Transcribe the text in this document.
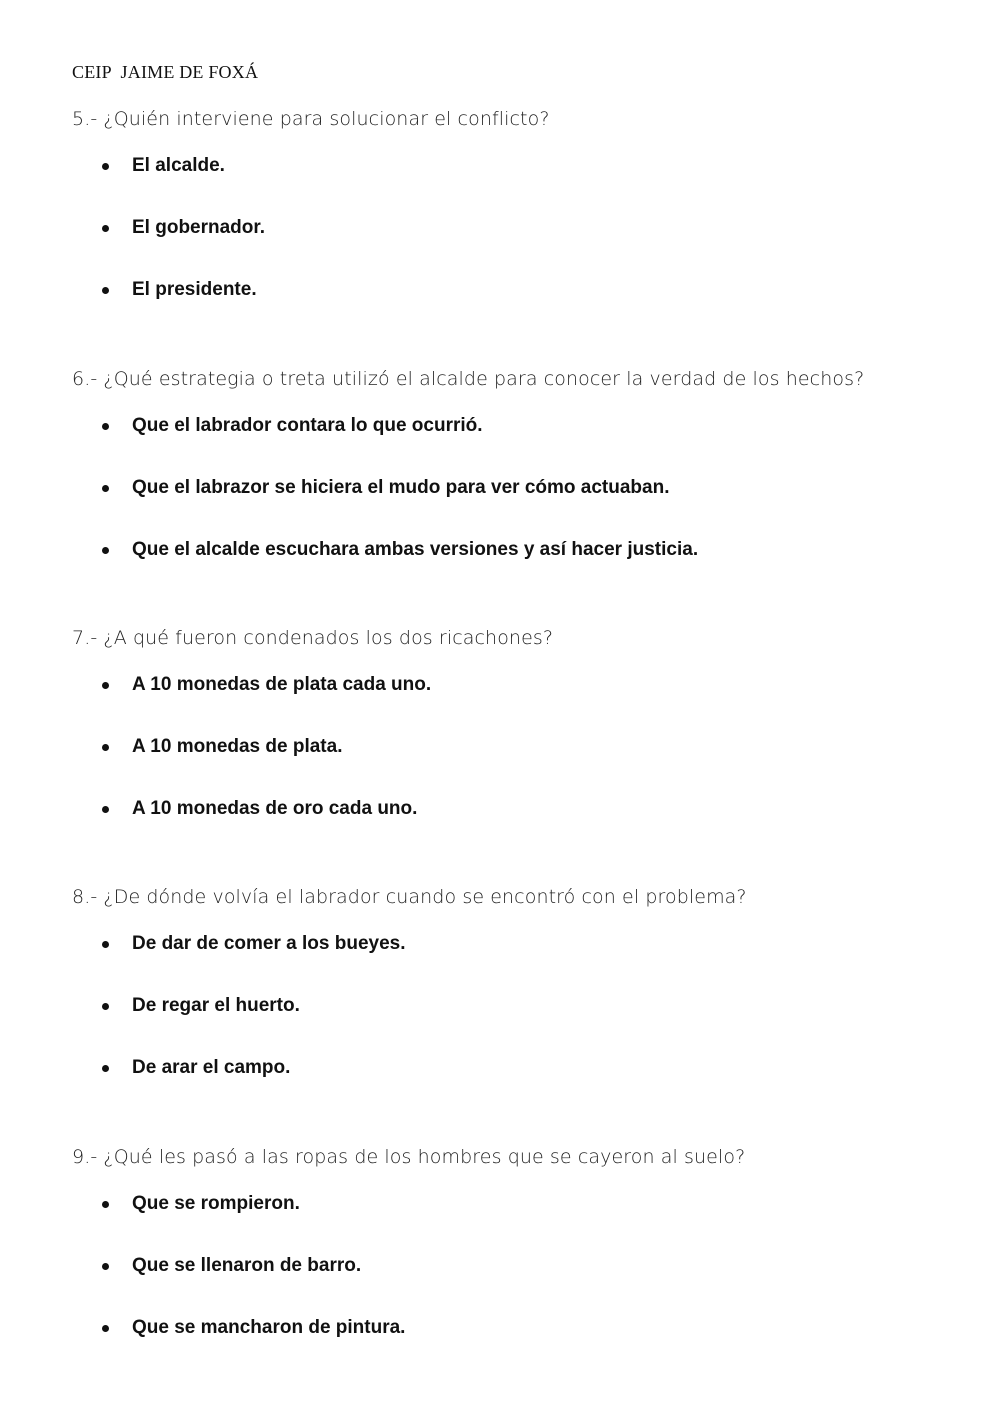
CEIP  JAIME DE FOXÁ
5.- ¿Quién interviene para solucionar el conflicto?
El alcalde.
El gobernador.
El presidente.
6.- ¿Qué estrategia o treta utilizó el alcalde para conocer la verdad de los hechos?
Que el labrador contara lo que ocurrió.
Que el labrazor se hiciera el mudo para ver cómo actuaban.
Que el alcalde escuchara ambas versiones y así hacer justicia.
7.- ¿A qué fueron condenados los dos ricachones?
A 10 monedas de plata cada uno.
A 10 monedas de plata.
A 10 monedas de oro cada uno.
8.- ¿De dónde volvía el labrador cuando se encontró con el problema?
De dar de comer a los bueyes.
De regar el huerto.
De arar el campo.
9.- ¿Qué les pasó a las ropas de los hombres que se cayeron al suelo?
Que se rompieron.
Que se llenaron de barro.
Que se mancharon de pintura.
